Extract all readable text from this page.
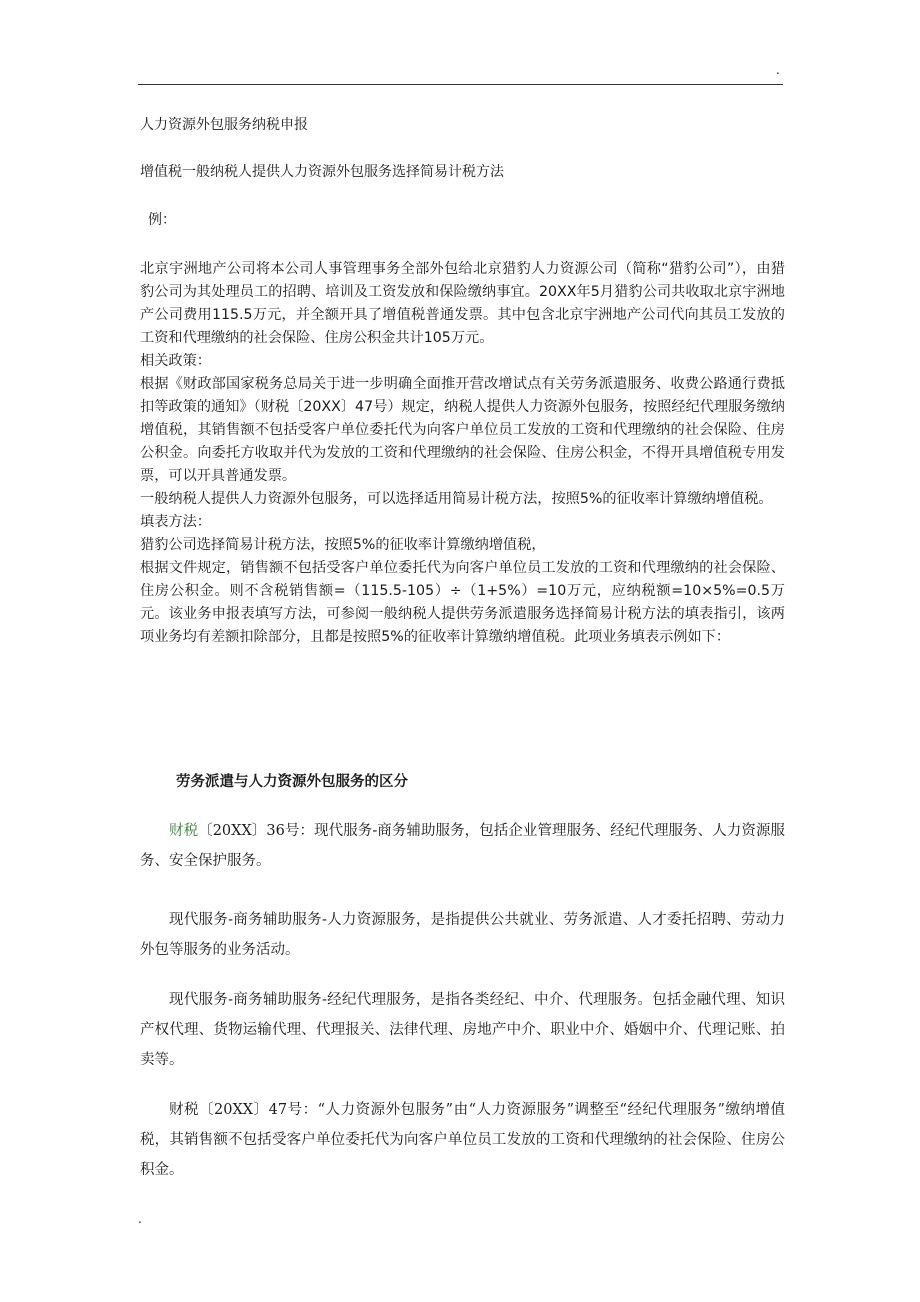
.
人力资源外包服务纳税申报
增值税一般纳税人提供人力资源外包服务选择简易计税方法
例：

北京宇洲地产公司将本公司人事管理事务全部外包给北京猎豹人力资源公司（简称“猎豹公司”），由猎豹公司为其处理员工的招聘、培训及工资发放和保险缴纳事宜。20XX年5月猎豹公司共收取北京宇洲地产公司费用115.5万元，并全额开具了增值税普通发票。其中包含北京宇洲地产公司代向其员工发放的工资和代理缴纳的社会保险、住房公积金共计105万元。

相关政策：

根据《财政部国家税务总局关于进一步明确全面推开营改增试点有关劳务派遣服务、收费公路通行费抵扣等政策的通知》（财税〔20XX〕47号）规定，纳税人提供人力资源外包服务，按照经纪代理服务缴纳增值税，其销售额不包括受客户单位委托代为向客户单位员工发放的工资和代理缴纳的社会保险、住房公积金。向委托方收取并代为发放的工资和代理缴纳的社会保险、住房公积金，不得开具增值税专用发票，可以开具普通发票。

一般纳税人提供人力资源外包服务，可以选择适用简易计税方法，按照5%的征收率计算缴纳增值税。

填表方法：

猎豹公司选择简易计税方法，按照5%的征收率计算缴纳增值税，

根据文件规定，销售额不包括受客户单位委托代为向客户单位员工发放的工资和代理缴纳的社会保险、住房公积金。则不含税销售额=（115.5-105）÷（1+5%）=10万元，应纳税额=10×5%=0.5万元。该业务申报表填写方法，可参阅一般纳税人提供劳务派遣服务选择简易计税方法的填表指引，该两项业务均有差额扣除部分，且都是按照5%的征收率计算缴纳增值税。此项业务填表示例如下：

劳务派遣与人力资源外包服务的区分

财税〔20XX〕36号：现代服务-商务辅助服务，包括企业管理服务、经纪代理服务、人力资源服务、安全保护服务。

现代服务-商务辅助服务-人力资源服务，是指提供公共就业、劳务派遣、人才委托招聘、劳动力外包等服务的业务活动。

现代服务-商务辅助服务-经纪代理服务，是指各类经纪、中介、代理服务。包括金融代理、知识产权代理、货物运输代理、代理报关、法律代理、房地产中介、职业中介、婚姻中介、代理记账、拍卖等。

财税〔20XX〕47号：“人力资源外包服务”由“人力资源服务”调整至“经纪代理服务”缴纳增值税，其销售额不包括受客户单位委托代为向客户单位员工发放的工资和代理缴纳的社会保险、住房公积金。

.
